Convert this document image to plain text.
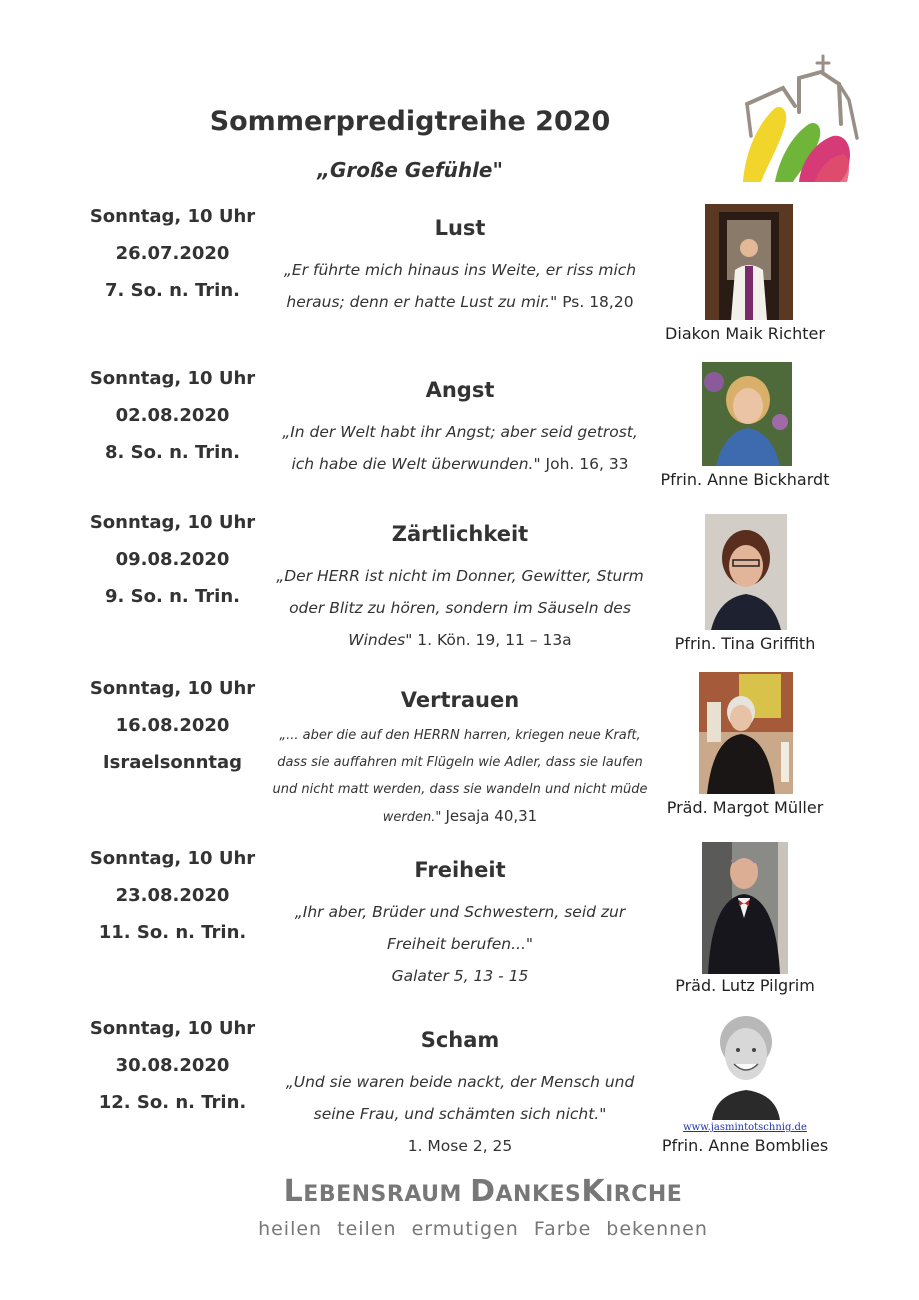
Sommerpredigtreihe 2020
„Große Gefühle"
Sonntag, 10 Uhr
26.07.2020
7. So. n. Trin.
Lust
„Er führte mich hinaus ins Weite, er riss mich heraus; denn er hatte Lust zu mir." Ps. 18,20
Diakon Maik Richter
Sonntag, 10 Uhr
02.08.2020
8. So. n. Trin.
Angst
„In der Welt habt ihr Angst; aber seid getrost, ich habe die Welt überwunden." Joh. 16, 33
Pfrin. Anne Bickhardt
Sonntag, 10 Uhr
09.08.2020
9. So. n. Trin.
Zärtlichkeit
„Der HERR ist nicht im Donner, Gewitter, Sturm oder Blitz zu hören, sondern im Säuseln des Windes" 1. Kön. 19, 11 – 13a	Pfrin. Tina Griffith
Sonntag, 10 Uhr
16.08.2020
Israelsonntag
Vertrauen
„... aber die auf den HERRN harren, kriegen neue Kraft, dass sie auffahren mit Flügeln wie Adler, dass sie laufen und nicht matt werden, dass sie wandeln und nicht müde werden." Jesaja 40,31	Präd. Margot Müller
Sonntag, 10 Uhr
23.08.2020
11. So. n. Trin.
Freiheit
„Ihr aber, Brüder und Schwestern, seid zur Freiheit berufen..."
Galater 5, 13 - 15	Präd. Lutz Pilgrim
Sonntag, 10 Uhr
30.08.2020
12. So. n. Trin.
Scham
„Und sie waren beide nackt, der Mensch und seine Frau, und schämten sich nicht."
1. Mose 2, 25
www.jasmintotschnig.de
Pfrin. Anne Bomblies
LEBENSRAUM DANKESKIRCHE
heilen teilen ermutigen Farbe bekennen
